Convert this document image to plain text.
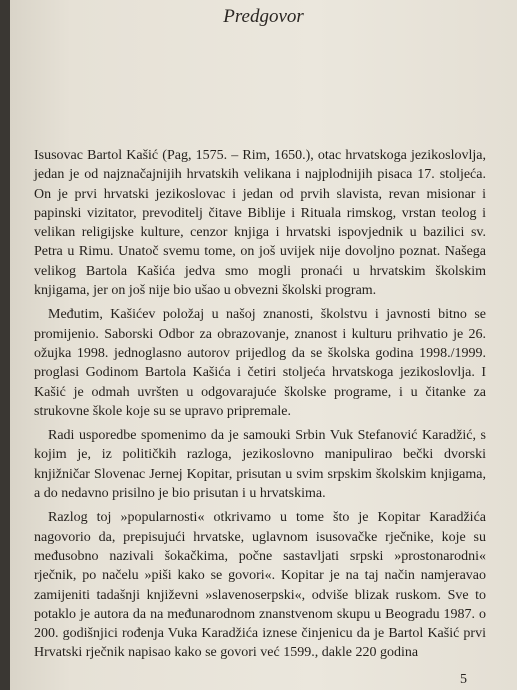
Predgovor

Isusovac Bartol Kašić (Pag, 1575. – Rim, 1650.), otac hrvatskoga jezikoslovlja, jedan je od najznačajnijih hrvatskih velikana i najplodnijih pisaca 17. stoljeća. On je prvi hrvatski jezikoslovac i jedan od prvih slavista, revan misionar i papinski vizitator, prevoditelj čitave Biblije i Rituala rimskog, vrstan teolog i velikan religijske kulture, cenzor knjiga i hrvatski ispovjednik u bazilici sv. Petra u Rimu. Unatoč svemu tome, on još uvijek nije dovoljno poznat. Našega velikog Bartola Kašića jedva smo mogli pronaći u hrvatskim školskim knjigama, jer on još nije bio ušao u obvezni školski program.

Međutim, Kašićev položaj u našoj znanosti, školstvu i javnosti bitno se promijenio. Saborski Odbor za obrazovanje, znanost i kulturu prihvatio je 26. ožujka 1998. jednoglasno autorov prijedlog da se školska godina 1998./1999. proglasi Godinom Bartola Kašića i četiri stoljeća hrvatskoga jezikoslovlja. I Kašić je odmah uvršten u odgovarajuće školske programe, i u čitanke za strukovne škole koje su se upravo pripremale.

Radi usporedbe spomenimo da je samouki Srbin Vuk Stefanović Karadžić, s kojim je, iz političkih razloga, jezikoslovno manipulirao bečki dvorski knjižničar Slovenac Jernej Kopitar, prisutan u svim srpskim školskim knjigama, a do nedavno prisilno je bio prisutan i u hrvatskima.

Razlog toj »popularnosti« otkrivamo u tome što je Kopitar Karadžića nagovorio da, prepisujući hrvatske, uglavnom isusovačke rječnike, koje su međusobno nazivali šokačkima, počne sastavljati srpski »prostonarodni« rječnik, po načelu »piši kako se govori«. Kopitar je na taj način namjeravao zamijeniti tadašnji književni »slavenoserpski«, odviše blizak ruskom. Sve to potaklo je autora da na međunarodnom znanstvenom skupu u Beogradu 1987. o 200. godišnjici rođenja Vuka Karadžića iznese činjenicu da je Bartol Kašić prvi Hrvatski rječnik napisao kako se govori već 1599., dakle 220 godina

5
